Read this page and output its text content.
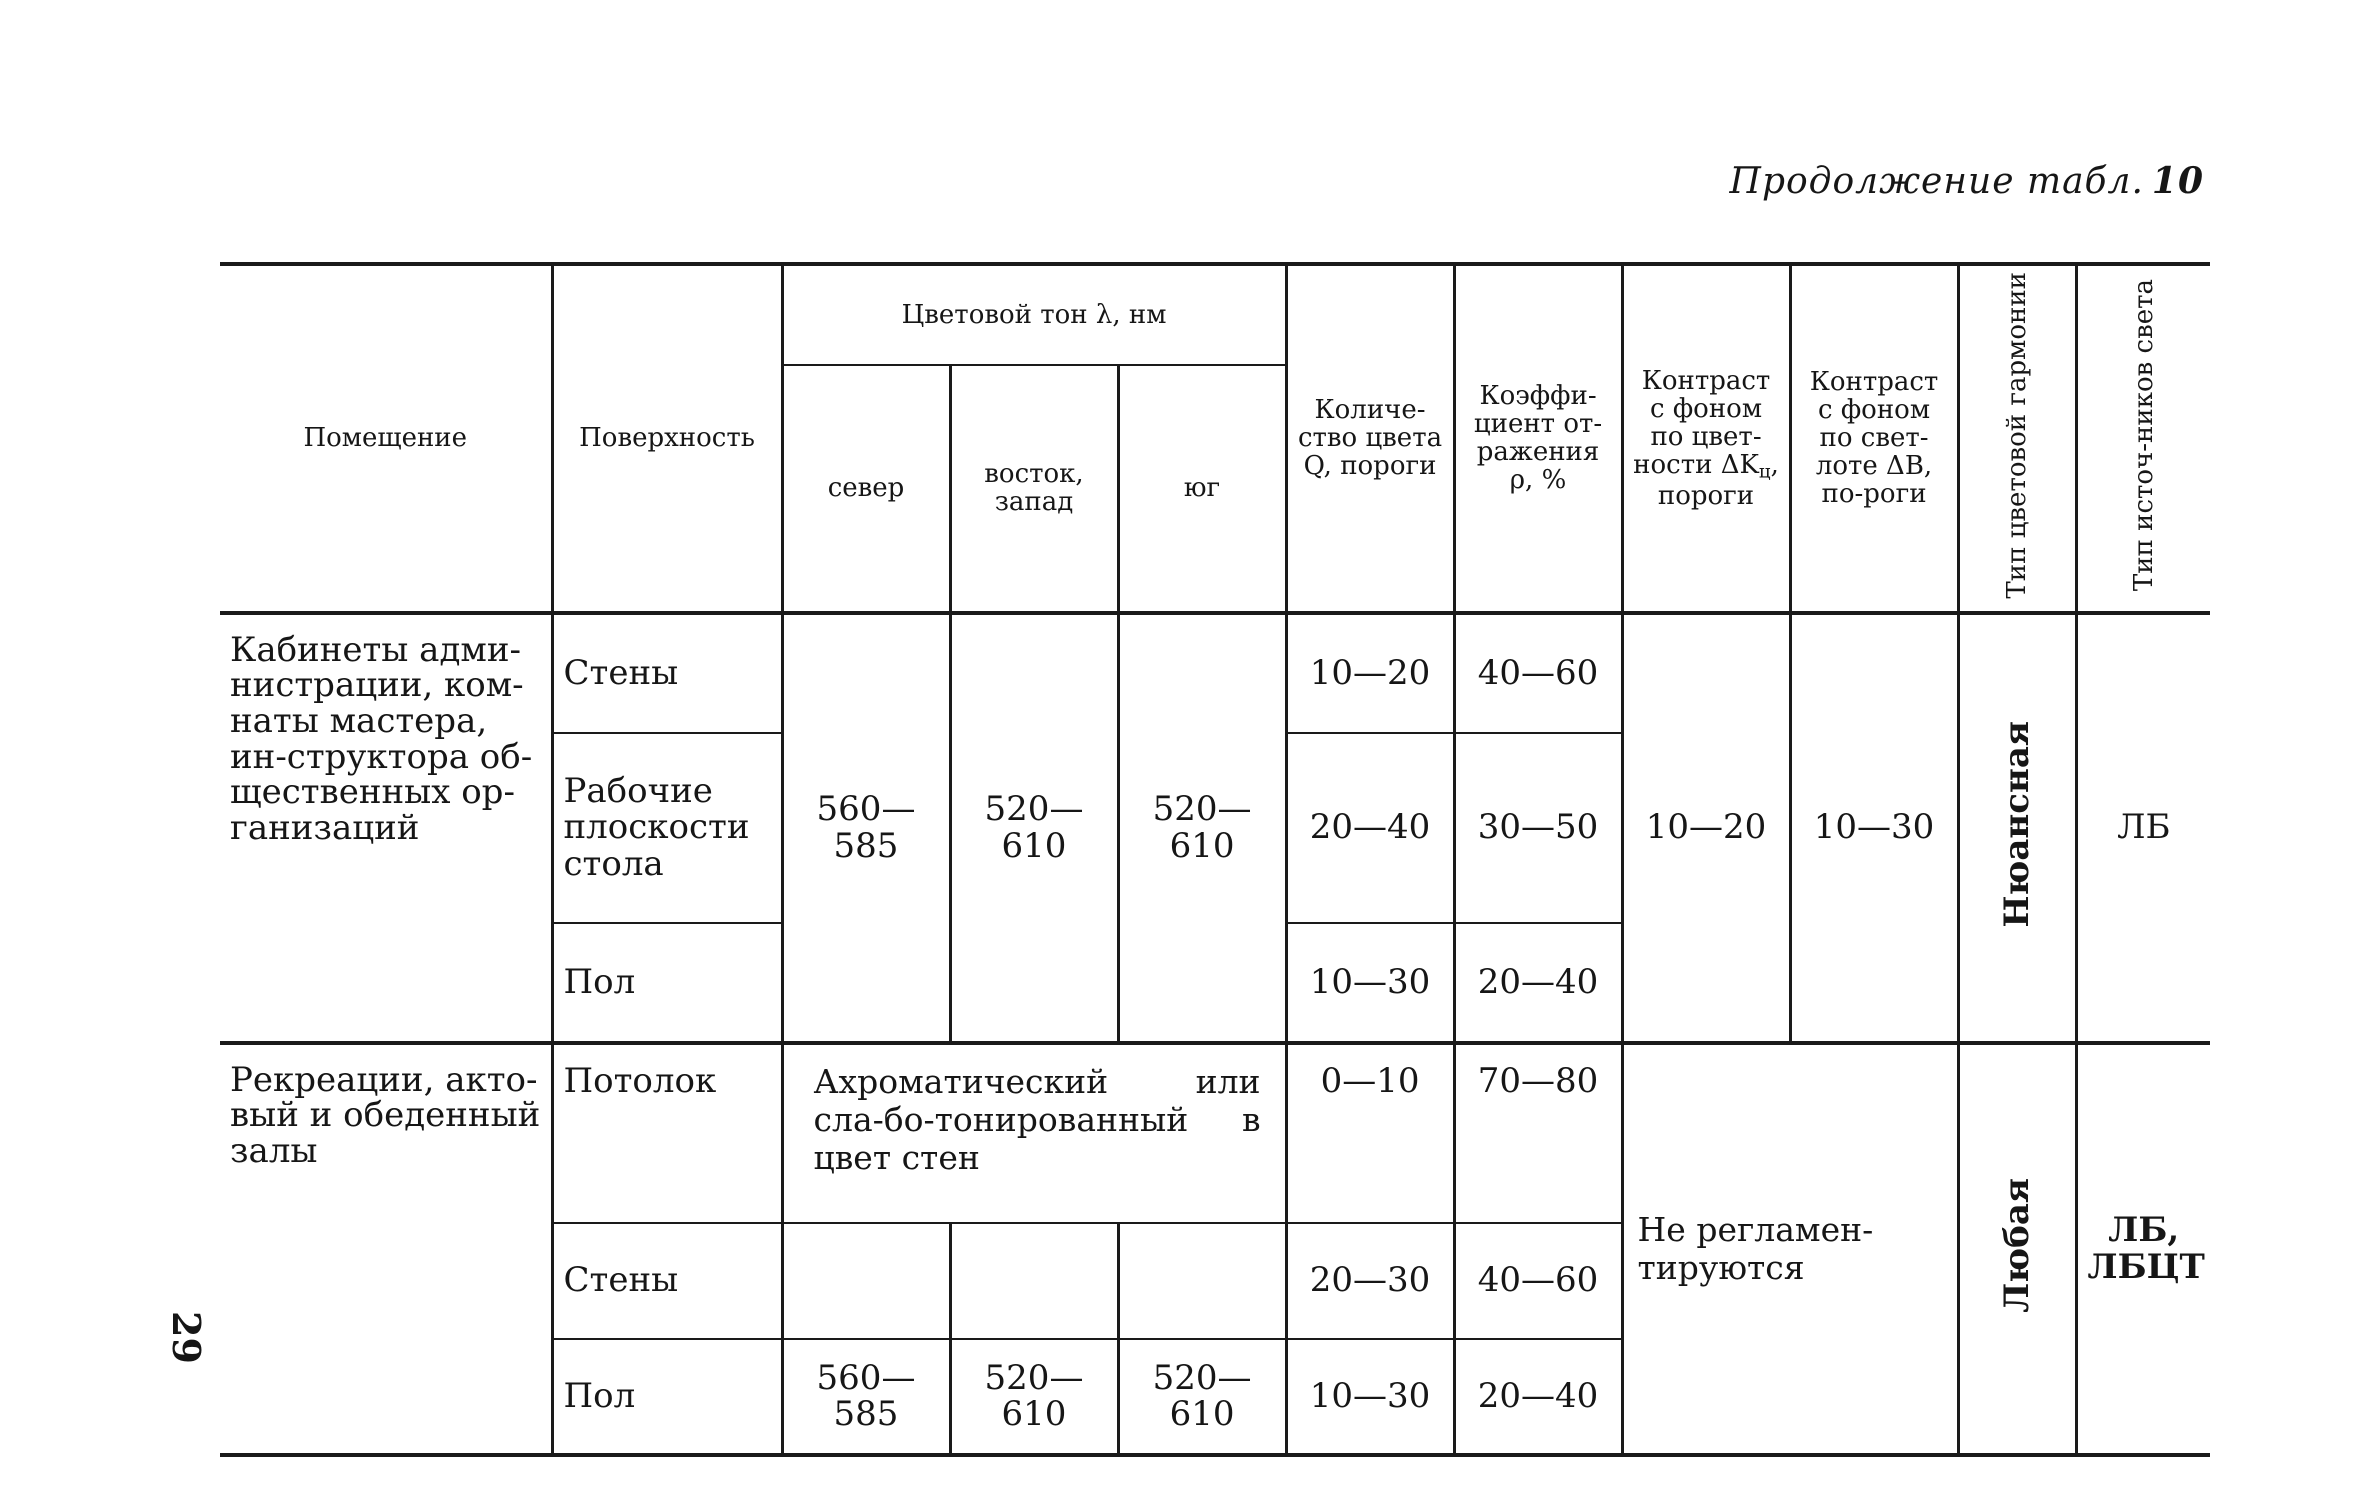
Продолжение табл. 10
29
Помещение	Поверхность	Цветовой тон λ, нм			Количе-ство цвета Q, пороги	Коэффи-циент от-ражения ρ, %	Контраст с фоном по цвет-ности $\Delta K_ц$, пороги	Контраст с фоном по свет-лоте ΔB, по-роги	Тип цветовой гармонии	Тип источ-ников света
		север	восток, запад	юг						
Кабинеты адми-нистрации, ком-наты мастера, ин-структора об-щественных ор-ганизаций	Стены	560—585	520—610	520—610	10—20	40—60	10—20	10—30	Нюансная	ЛБ
	Рабочие плоскости стола				20—40	30—50				
	Пол				10—30	20—40				
Рекреации, акто-вый и обеденный залы	Потолок	Ахроматический или сла-бо-тонированный в цвет стен			0—10	70—80	Не регламен-тируются		Любая	ЛБ, ЛБЦТ
	Стены				20—30	40—60				
	Пол	560—585	520—610	520—610	10—30	20—40				
